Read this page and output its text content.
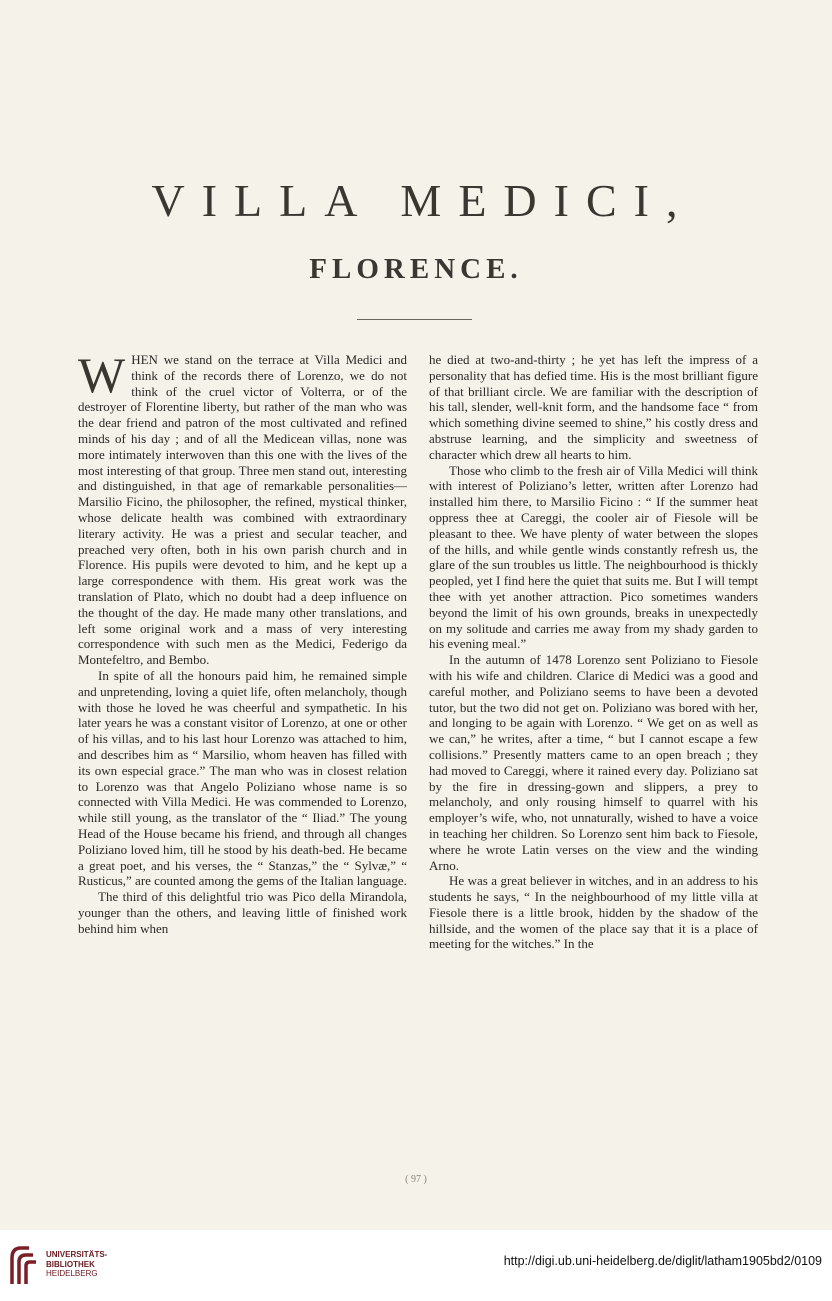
VILLA MEDICI,
FLORENCE.

WHEN we stand on the terrace at Villa Medici and think of the records there of Lorenzo, we do not think of the cruel victor of Volterra, or of the destroyer of Florentine liberty, but rather of the man who was the dear friend and patron of the most cultivated and refined minds of his day ; and of all the Medicean villas, none was more intimately interwoven than this one with the lives of the most interesting of that group. Three men stand out, interesting and distinguished, in that age of remarkable personalities—Marsilio Ficino, the philosopher, the refined, mystical thinker, whose delicate health was combined with extraordinary literary activity. He was a priest and secular teacher, and preached very often, both in his own parish church and in Florence. His pupils were devoted to him, and he kept up a large correspondence with them. His great work was the translation of Plato, which no doubt had a deep influence on the thought of the day. He made many other translations, and left some original work and a mass of very interesting correspondence with such men as the Medici, Federigo da Montefeltro, and Bembo.

In spite of all the honours paid him, he remained simple and unpretending, loving a quiet life, often melancholy, though with those he loved he was cheerful and sympathetic. In his later years he was a constant visitor of Lorenzo, at one or other of his villas, and to his last hour Lorenzo was attached to him, and describes him as “ Marsilio, whom heaven has filled with its own especial grace.” The man who was in closest relation to Lorenzo was that Angelo Poliziano whose name is so connected with Villa Medici. He was commended to Lorenzo, while still young, as the translator of the “ Iliad.” The young Head of the House became his friend, and through all changes Poliziano loved him, till he stood by his death-bed. He became a great poet, and his verses, the “ Stanzas,” the “ Sylvæ,” “ Rusticus,” are counted among the gems of the Italian language.

The third of this delightful trio was Pico della Mirandola, younger than the others, and leaving little of finished work behind him when

he died at two-and-thirty ; he yet has left the impress of a personality that has defied time. His is the most brilliant figure of that brilliant circle. We are familiar with the description of his tall, slender, well-knit form, and the handsome face “ from which something divine seemed to shine,” his costly dress and abstruse learning, and the simplicity and sweetness of character which drew all hearts to him.

Those who climb to the fresh air of Villa Medici will think with interest of Poliziano’s letter, written after Lorenzo had installed him there, to Marsilio Ficino : “ If the summer heat oppress thee at Careggi, the cooler air of Fiesole will be pleasant to thee. We have plenty of water between the slopes of the hills, and while gentle winds constantly refresh us, the glare of the sun troubles us little. The neighbourhood is thickly peopled, yet I find here the quiet that suits me. But I will tempt thee with yet another attraction. Pico sometimes wanders beyond the limit of his own grounds, breaks in unexpectedly on my solitude and carries me away from my shady garden to his evening meal.”

In the autumn of 1478 Lorenzo sent Poliziano to Fiesole with his wife and children. Clarice di Medici was a good and careful mother, and Poliziano seems to have been a devoted tutor, but the two did not get on. Poliziano was bored with her, and longing to be again with Lorenzo. “ We get on as well as we can,” he writes, after a time, “ but I cannot escape a few collisions.” Presently matters came to an open breach ; they had moved to Careggi, where it rained every day. Poliziano sat by the fire in dressing-gown and slippers, a prey to melancholy, and only rousing himself to quarrel with his employer’s wife, who, not unnaturally, wished to have a voice in teaching her children. So Lorenzo sent him back to Fiesole, where he wrote Latin verses on the view and the winding Arno.

He was a great believer in witches, and in an address to his students he says, “ In the neighbourhood of my little villa at Fiesole there is a little brook, hidden by the shadow of the hillside, and the women of the place say that it is a place of meeting for the witches.” In the

( 97 )
UNIVERSITÄTS-
BIBLIOTHEK
HEIDELBERG
http://digi.ub.uni-heidelberg.de/diglit/latham1905bd2/0109
